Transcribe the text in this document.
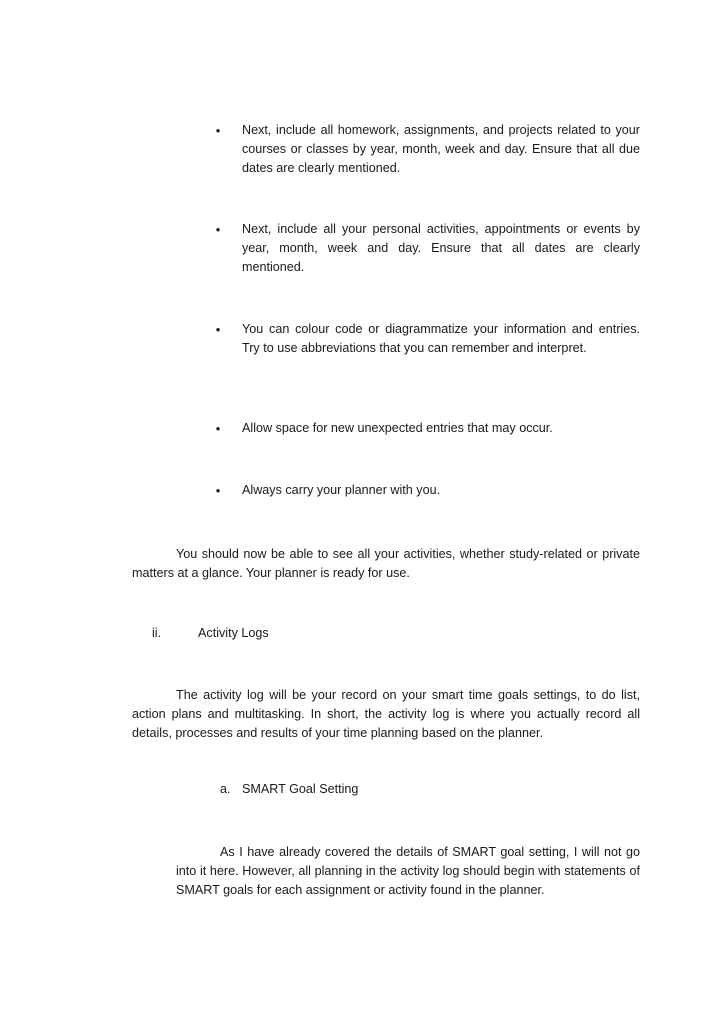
• Next, include all homework, assignments, and projects related to your courses or classes by year, month, week and day. Ensure that all due dates are clearly mentioned.
• Next, include all your personal activities, appointments or events by year, month, week and day. Ensure that all dates are clearly mentioned.
• You can colour code or diagrammatize your information and entries. Try to use abbreviations that you can remember and interpret.
• Allow space for new unexpected entries that may occur.
• Always carry your planner with you.
You should now be able to see all your activities, whether study-related or private matters at a glance. Your planner is ready for use.
ii.	Activity Logs
The activity log will be your record on your smart time goals settings, to do list, action plans and multitasking. In short, the activity log is where you actually record all details, processes and results of your time planning based on the planner.
a. SMART Goal Setting
As I have already covered the details of SMART goal setting, I will not go into it here. However, all planning in the activity log should begin with statements of SMART goals for each assignment or activity found in the planner.
